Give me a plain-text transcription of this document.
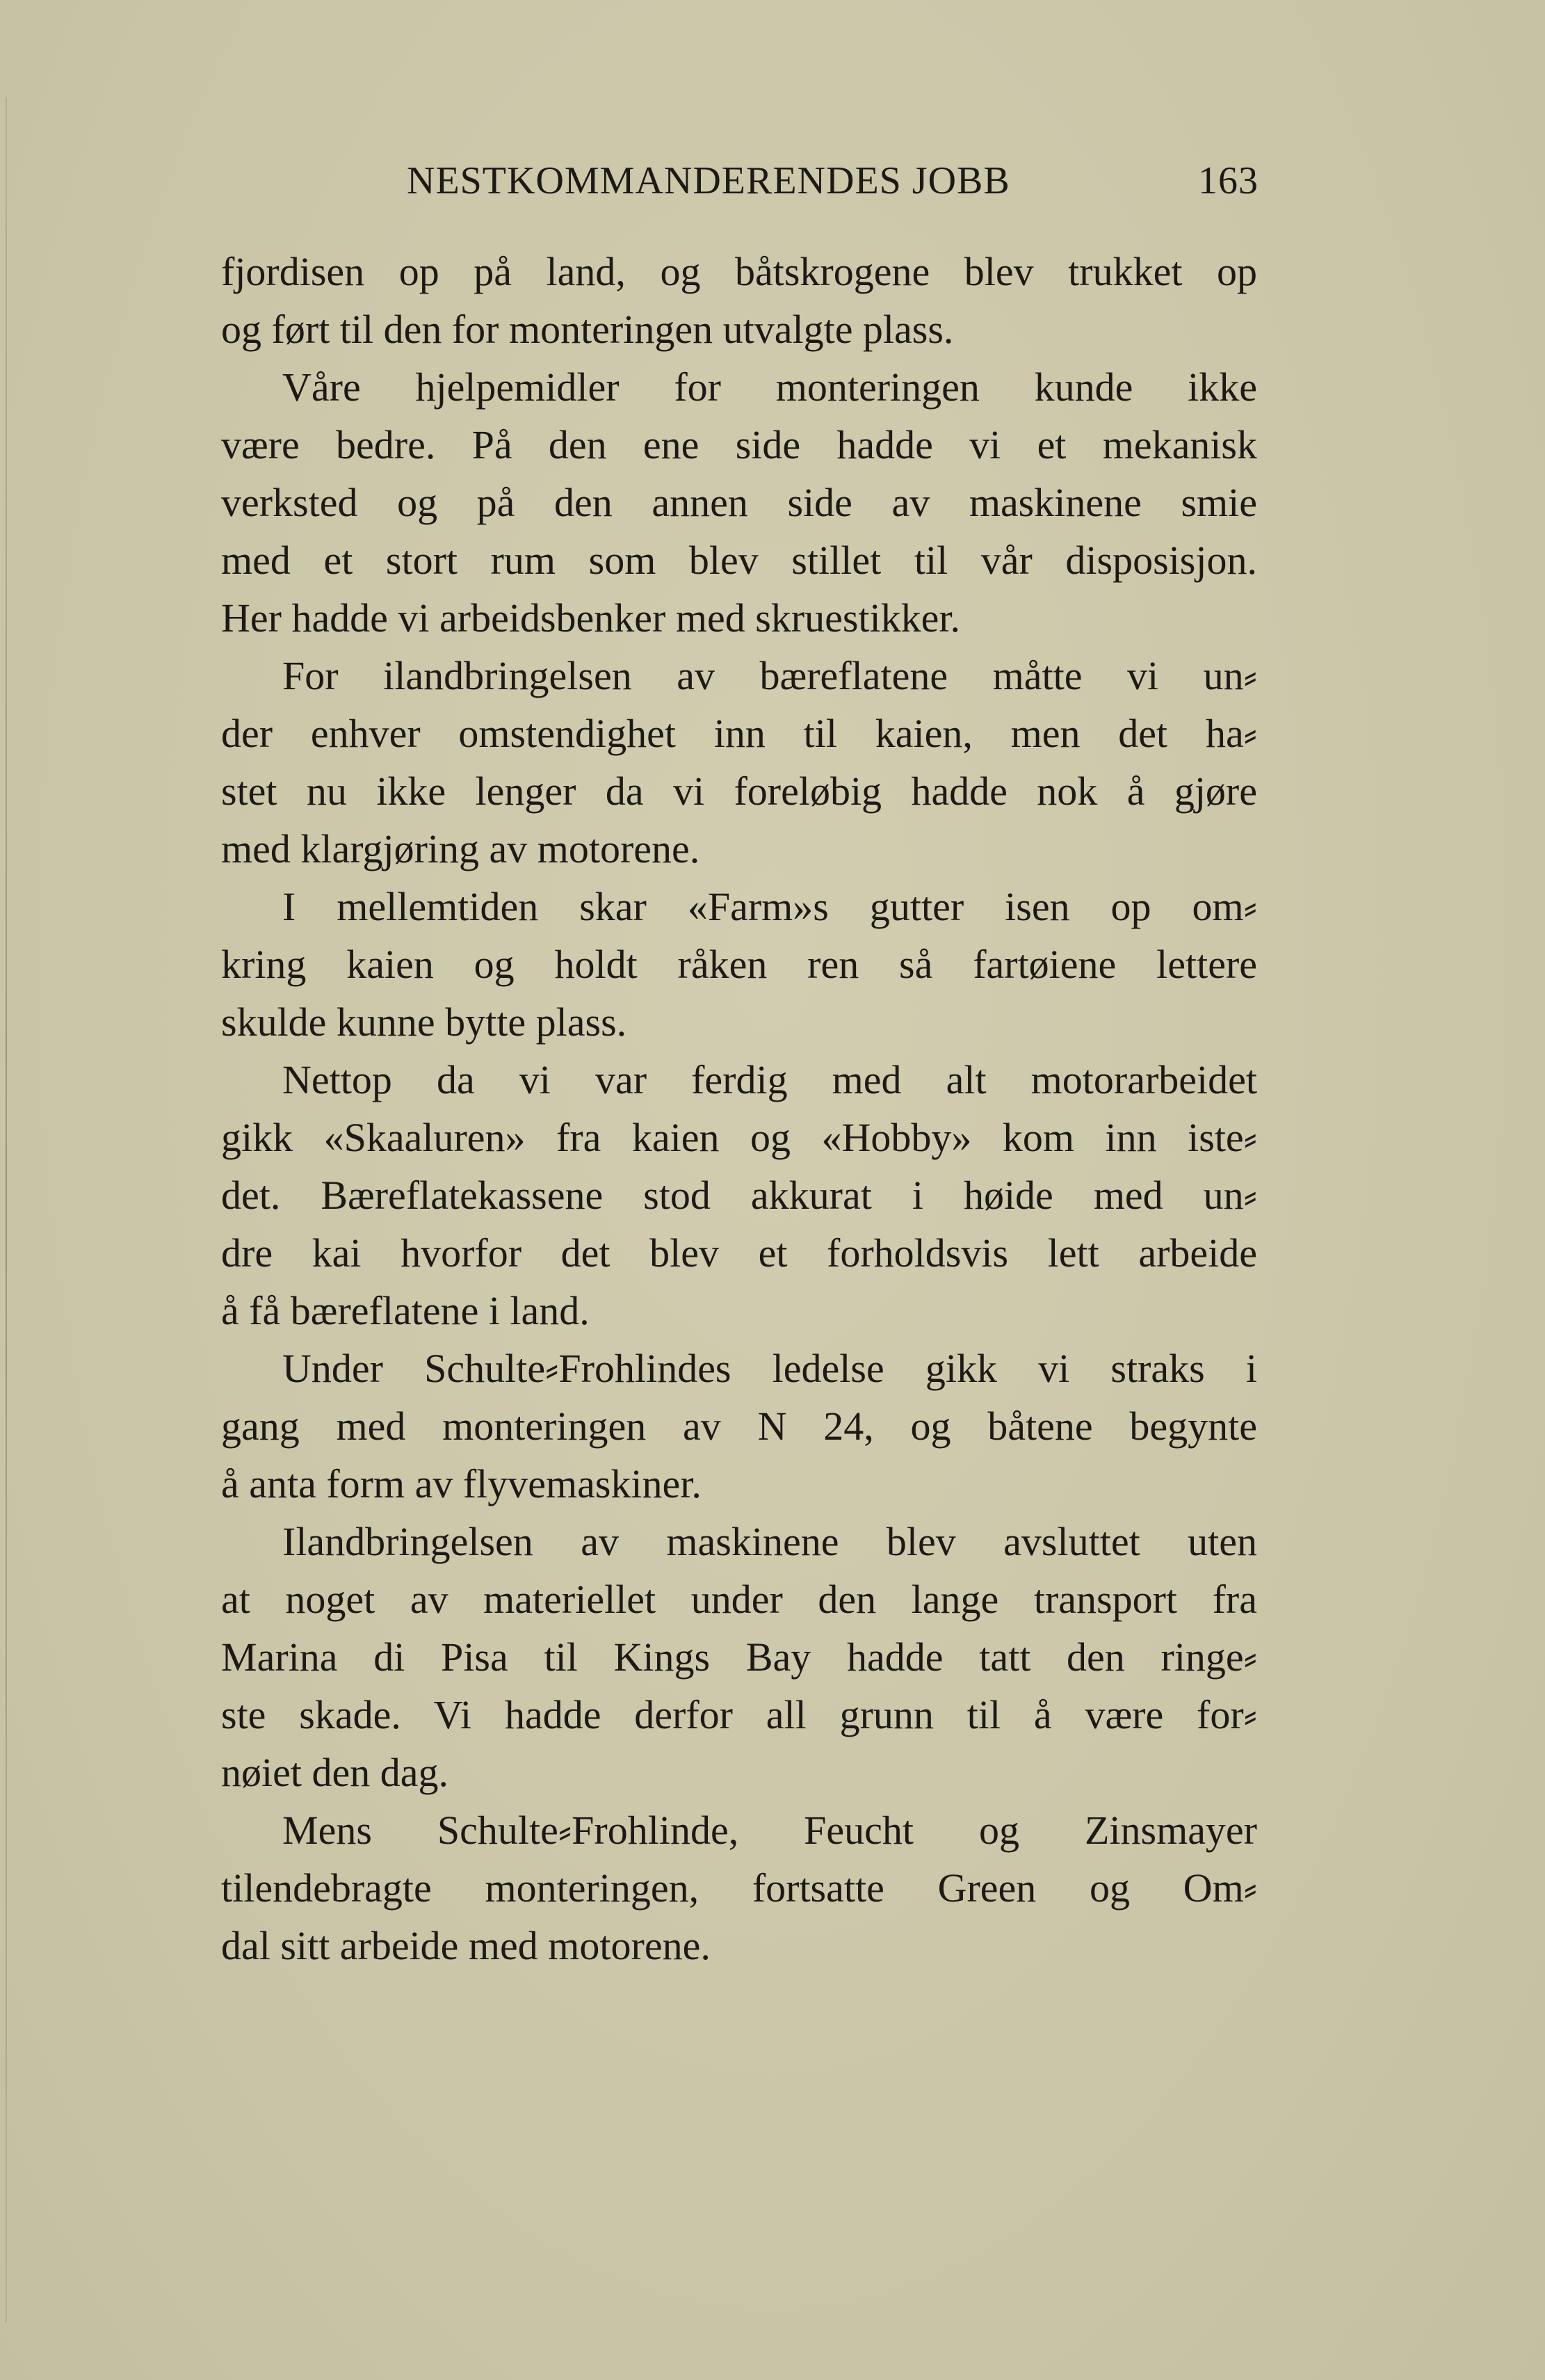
NESTKOMMANDERENDES JOBB	163
fjordisen op på land, og båtskrogene blev trukket op
og ført til den for monteringen utvalgte plass.
Våre hjelpemidler for monteringen kunde ikke
være bedre. På den ene side hadde vi et mekanisk
verksted og på den annen side av maskinene smie
med et stort rum som blev stillet til vår disposisjon.
Her hadde vi arbeidsbenker med skruestikker.
For ilandbringelsen av bæreflatene måtte vi un⸗
der enhver omstendighet inn til kaien, men det ha⸗
stet nu ikke lenger da vi foreløbig hadde nok å gjøre
med klargjøring av motorene.
I mellemtiden skar «Farm»s gutter isen op om⸗
kring kaien og holdt råken ren så fartøiene lettere
skulde kunne bytte plass.
Nettop da vi var ferdig med alt motorarbeidet
gikk «Skaaluren» fra kaien og «Hobby» kom inn iste⸗
det. Bæreflatekassene stod akkurat i høide med un⸗
dre kai hvorfor det blev et forholdsvis lett arbeide
å få bæreflatene i land.
Under Schulte⸗Frohlindes ledelse gikk vi straks i
gang med monteringen av N 24, og båtene begynte
å anta form av flyvemaskiner.
Ilandbringelsen av maskinene blev avsluttet uten
at noget av materiellet under den lange transport fra
Marina di Pisa til Kings Bay hadde tatt den ringe⸗
ste skade. Vi hadde derfor all grunn til å være for⸗
nøiet den dag.
Mens Schulte⸗Frohlinde, Feucht og Zinsmayer
tilendebragte monteringen, fortsatte Green og Om⸗
dal sitt arbeide med motorene.
